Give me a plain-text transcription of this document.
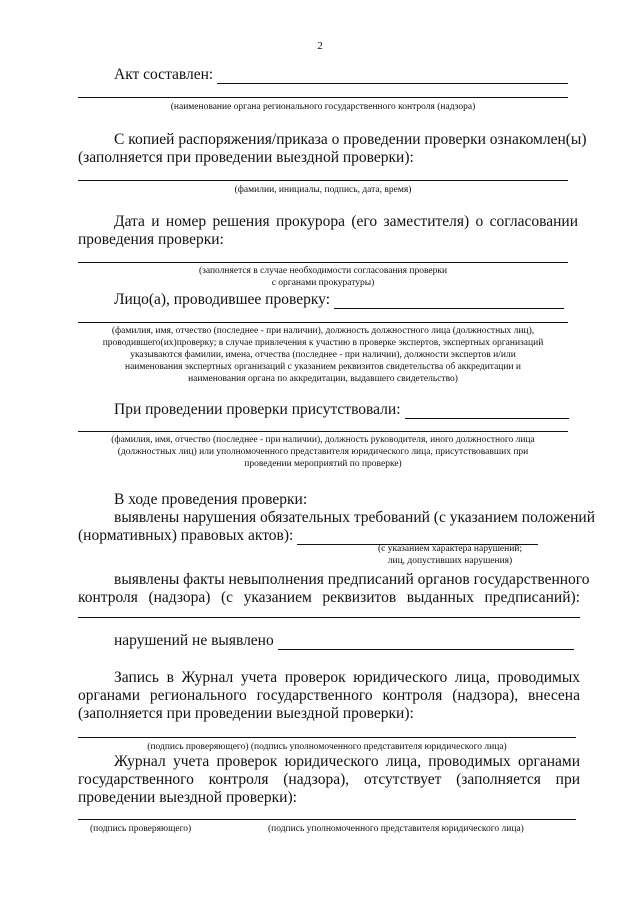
2
Акт составлен:
(наименование органа регионального государственного контроля (надзора)
С копией распоряжения/приказа о проведении проверки ознакомлен(ы)
(заполняется при проведении выездной проверки):
(фамилии, инициалы, подпись, дата, время)
Дата и номер решения прокурора (его заместителя) о согласовании
проведения проверки:
(заполняется в случае необходимости согласования проверки
с органами прокуратуры)
Лицо(а), проводившее проверку:
(фамилия, имя, отчество (последнее - при наличии), должность должностного лица (должностных лиц),
проводившего(их)проверку; в случае привлечения к участию в проверке экспертов, экспертных организаций
указываются фамилии, имена, отчества (последнее - при наличии), должности экспертов и/или
наименования экспертных организаций с указанием реквизитов свидетельства об аккредитации и
наименования органа по аккредитации, выдавшего свидетельство)
При проведении проверки присутствовали:
(фамилия, имя, отчество (последнее - при наличии), должность руководителя, иного должностного лица
(должностных лиц) или уполномоченного представителя юридического лица, присутствовавших при
проведении мероприятий по проверке)
В ходе проведения проверки:
выявлены нарушения обязательных требований (с указанием положений
(нормативных) правовых актов):
(с указанием характера нарушений;
лиц, допустивших нарушения)
выявлены факты невыполнения предписаний органов государственного
контроля (надзора) (с указанием реквизитов выданных предписаний):
нарушений не выявлено
Запись в Журнал учета проверок юридического лица, проводимых
органами регионального государственного контроля (надзора), внесена
(заполняется при проведении выездной проверки):
(подпись проверяющего) (подпись уполномоченного представителя юридического лица)
Журнал учета проверок юридического лица, проводимых органами
государственного контроля (надзора), отсутствует (заполняется при
проведении выездной проверки):
(подпись проверяющего)	(подпись уполномоченного представителя юридического лица)
